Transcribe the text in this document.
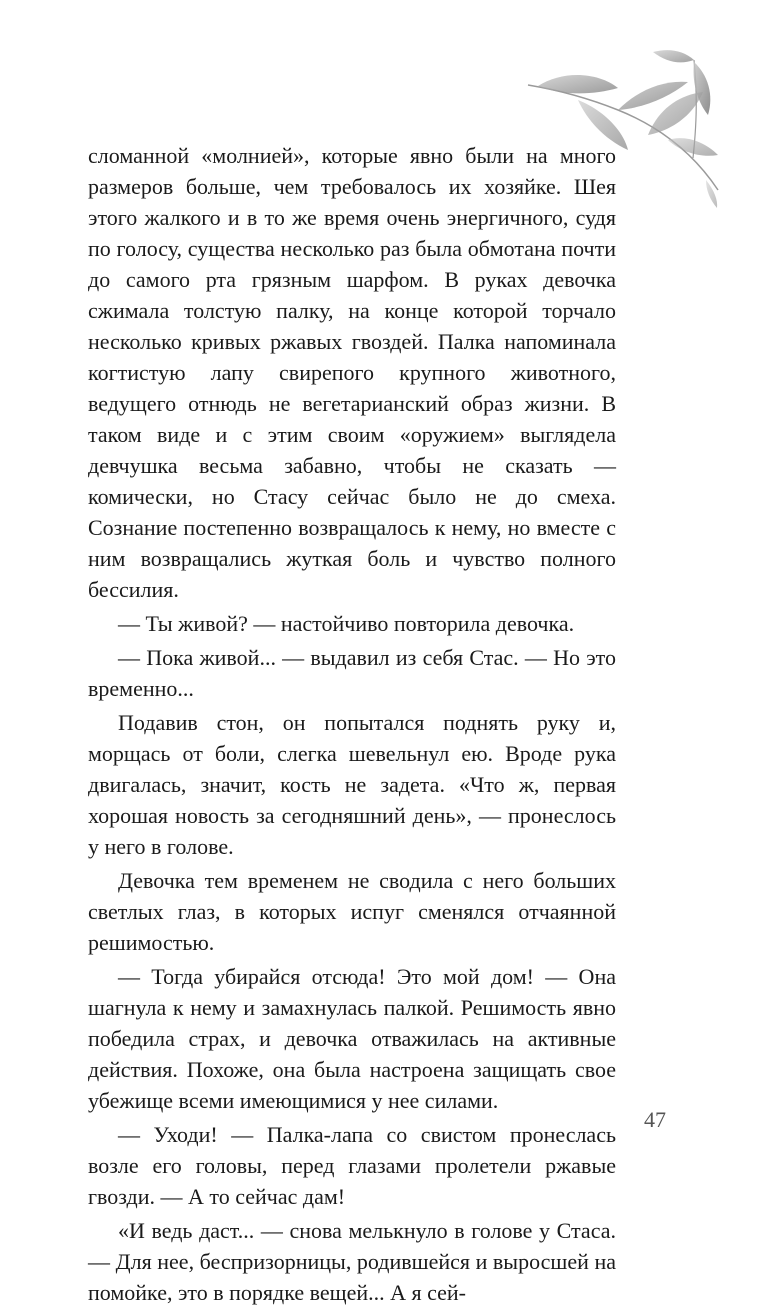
сломанной «молнией», которые явно были на много размеров больше, чем требовалось их хозяйке. Шея этого жалкого и в то же время очень энергичного, судя по голосу, существа несколько раз была обмотана почти до самого рта грязным шарфом. В руках девочка сжимала толстую палку, на конце которой торчало несколько кривых ржавых гвоздей. Палка напоминала когтистую лапу свирепого крупного животного, ведущего отнюдь не вегетарианский образ жизни. В таком виде и с этим своим «оружием» выглядела девчушка весьма забавно, чтобы не сказать — комически, но Стасу сейчас было не до смеха. Сознание постепенно возвращалось к нему, но вместе с ним возвращались жуткая боль и чувство полного бессилия.

— Ты живой? — настойчиво повторила девочка.

— Пока живой... — выдавил из себя Стас. — Но это временно...

Подавив стон, он попытался поднять руку и, морщась от боли, слегка шевельнул ею. Вроде рука двигалась, значит, кость не задета. «Что ж, первая хорошая новость за сегодняшний день», — пронеслось у него в голове.

Девочка тем временем не сводила с него больших светлых глаз, в которых испуг сменялся отчаянной решимостью.

— Тогда убирайся отсюда! Это мой дом! — Она шагнула к нему и замахнулась палкой. Решимость явно победила страх, и девочка отважилась на активные действия. Похоже, она была настроена защищать свое убежище всеми имеющимися у нее силами.

— Уходи! — Палка-лапа со свистом пронеслась возле его головы, перед глазами пролетели ржавые гвозди. — А то сейчас дам!

«И ведь даст... — снова мелькнуло в голове у Стаса. — Для нее, беспризорницы, родившейся и выросшей на помойке, это в порядке вещей... А я сей-

47
